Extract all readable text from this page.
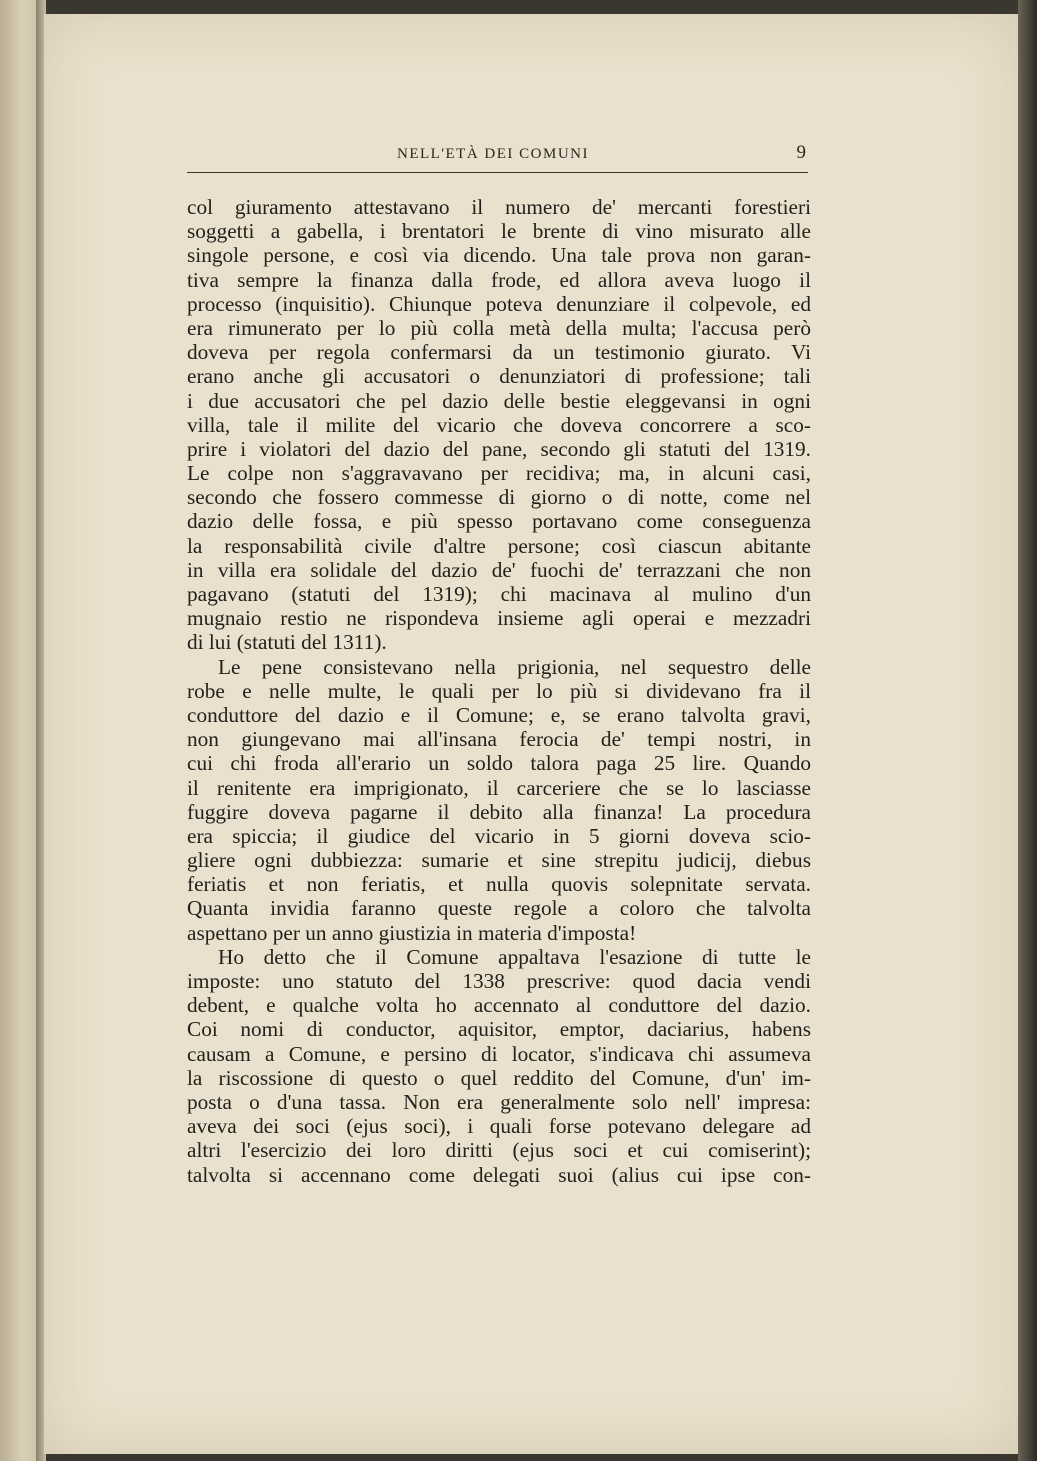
NELL'ETÀ DEI COMUNI	9
col giuramento attestavano il numero de' mercanti forestieri
soggetti a gabella, i brentatori le brente di vino misurato alle
singole persone, e così via dicendo. Una tale prova non garan-
tiva sempre la finanza dalla frode, ed allora aveva luogo il
processo (inquisitio). Chiunque poteva denunziare il colpevole, ed
era rimunerato per lo più colla metà della multa; l'accusa però
doveva per regola confermarsi da un testimonio giurato. Vi
erano anche gli accusatori o denunziatori di professione; tali
i due accusatori che pel dazio delle bestie eleggevansi in ogni
villa, tale il milite del vicario che doveva concorrere a sco-
prire i violatori del dazio del pane, secondo gli statuti del 1319.
Le colpe non s'aggravavano per recidiva; ma, in alcuni casi,
secondo che fossero commesse di giorno o di notte, come nel
dazio delle fossa, e più spesso portavano come conseguenza
la responsabilità civile d'altre persone; così ciascun abitante
in villa era solidale del dazio de' fuochi de' terrazzani che non
pagavano (statuti del 1319); chi macinava al mulino d'un
mugnaio restio ne rispondeva insieme agli operai e mezzadri
di lui (statuti del 1311).
Le pene consistevano nella prigionia, nel sequestro delle
robe e nelle multe, le quali per lo più si dividevano fra il
conduttore del dazio e il Comune; e, se erano talvolta gravi,
non giungevano mai all'insana ferocia de' tempi nostri, in
cui chi froda all'erario un soldo talora paga 25 lire. Quando
il renitente era imprigionato, il carceriere che se lo lasciasse
fuggire doveva pagarne il debito alla finanza! La procedura
era spiccia; il giudice del vicario in 5 giorni doveva scio-
gliere ogni dubbiezza: sumarie et sine strepitu judicij, diebus
feriatis et non feriatis, et nulla quovis solepnitate servata.
Quanta invidia faranno queste regole a coloro che talvolta
aspettano per un anno giustizia in materia d'imposta!
Ho detto che il Comune appaltava l'esazione di tutte le
imposte: uno statuto del 1338 prescrive: quod dacia vendi
debent, e qualche volta ho accennato al conduttore del dazio.
Coi nomi di conductor, aquisitor, emptor, daciarius, habens
causam a Comune, e persino di locator, s'indicava chi assumeva
la riscossione di questo o quel reddito del Comune, d'un' im-
posta o d'una tassa. Non era generalmente solo nell' impresa:
aveva dei soci (ejus soci), i quali forse potevano delegare ad
altri l'esercizio dei loro diritti (ejus soci et cui comiserint);
talvolta si accennano come delegati suoi (alius cui ipse con-
